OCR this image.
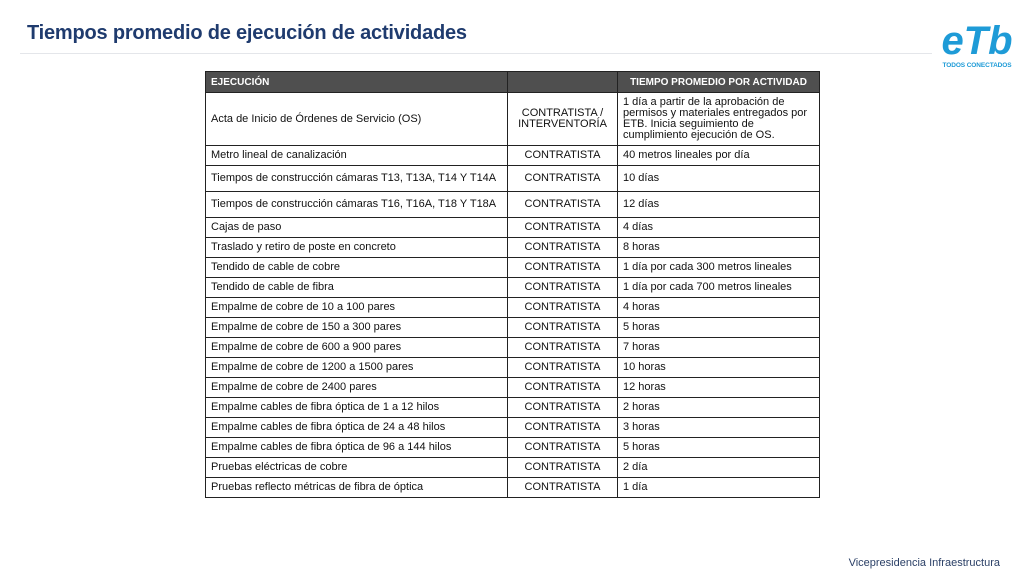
Tiempos promedio de ejecución de actividades	eTb
TODOS CONECTADOS
EJECUCIÓN		TIEMPO PROMEDIO POR ACTIVIDAD
Acta de Inicio de Órdenes de Servicio (OS)	CONTRATISTA / INTERVENTORÍA	1 día a partir de la aprobación de permisos y materiales entregados por ETB. Inicia seguimiento de cumplimiento ejecución de OS.
Metro lineal de canalización	CONTRATISTA	40 metros lineales por día
Tiempos de construcción cámaras T13, T13A, T14 Y T14A	CONTRATISTA	10 días
Tiempos de construcción cámaras T16, T16A, T18 Y T18A	CONTRATISTA	12 días
Cajas de paso	CONTRATISTA	4 días
Traslado y retiro de poste en concreto	CONTRATISTA	8 horas
Tendido de cable de cobre	CONTRATISTA	1 día por cada 300 metros lineales
Tendido de cable de fibra	CONTRATISTA	1 día por cada 700 metros lineales
Empalme de cobre de 10 a 100 pares	CONTRATISTA	4 horas
Empalme de cobre de 150 a 300 pares	CONTRATISTA	5 horas
Empalme de cobre de 600 a 900 pares	CONTRATISTA	7 horas
Empalme de cobre de 1200 a 1500 pares	CONTRATISTA	10 horas
Empalme de cobre de 2400 pares	CONTRATISTA	12 horas
Empalme cables de fibra óptica de 1 a 12 hilos	CONTRATISTA	2 horas
Empalme cables de fibra óptica de 24 a 48 hilos	CONTRATISTA	3 horas
Empalme cables de fibra óptica de 96 a 144 hilos	CONTRATISTA	5 horas
Pruebas eléctricas de cobre	CONTRATISTA	2 día
Pruebas reflecto métricas de fibra de óptica	CONTRATISTA	1 día
Vicepresidencia Infraestructura
